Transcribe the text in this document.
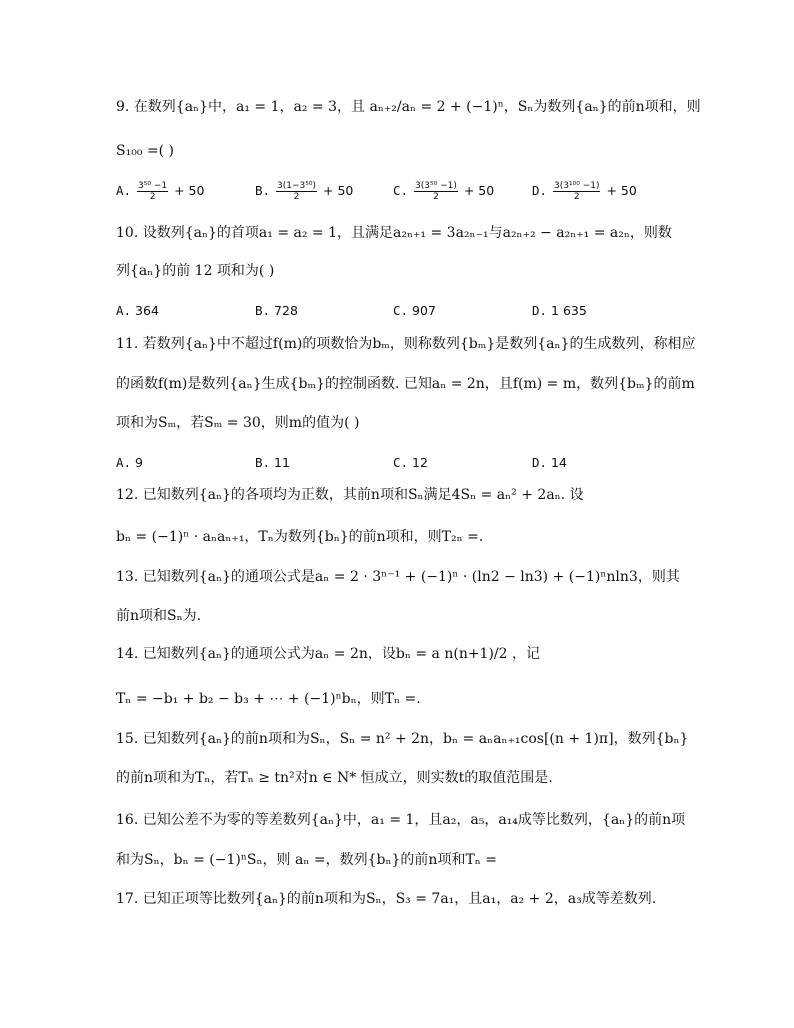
9. 在数列{aₙ}中，a₁ = 1，a₂ = 3，且 aₙ₊₂/aₙ = 2 + (−1)ⁿ，Sₙ为数列{aₙ}的前n项和，则
S₁₀₀ =( )
A. $\frac{\text{3⁵⁰ −1}}{2} + 50$	B. $\frac{\text{3(1−3⁵⁰)}}{2} + 50$	C. $\frac{\text{3(3⁵⁰ −1)}}{2} + 50$	D. $\frac{\text{3(3¹⁰⁰ −1)}}{2} + 50$
10. 设数列{aₙ}的首项a₁ = a₂ = 1，且满足a₂ₙ₊₁ = 3a₂ₙ₋₁与a₂ₙ₊₂ − a₂ₙ₊₁ = a₂ₙ，则数
列{aₙ}的前 12 项和为( )
A. 364	B. 728	C. 907	D. 1 635
11. 若数列{aₙ}中不超过f(m)的项数恰为bₘ，则称数列{bₘ}是数列{aₙ}的生成数列，称相应
的函数f(m)是数列{aₙ}生成{bₘ}的控制函数. 已知aₙ = 2n，且f(m) = m，数列{bₘ}的前m
项和为Sₘ，若Sₘ = 30，则m的值为( )
A. 9	B. 11	C. 12	D. 14
12. 已知数列{aₙ}的各项均为正数，其前n项和Sₙ满足4Sₙ = aₙ² + 2aₙ. 设
bₙ = (−1)ⁿ · aₙaₙ₊₁，Tₙ为数列{bₙ}的前n项和，则T₂ₙ =.
13. 已知数列{aₙ}的通项公式是aₙ = 2 · 3ⁿ⁻¹ + (−1)ⁿ · (ln2 − ln3) + (−1)ⁿnln3，则其
前n项和Sₙ为.
14. 已知数列{aₙ}的通项公式为aₙ = 2n，设bₙ = a n(n+1)/2 ，记
Tₙ = −b₁ + b₂ − b₃ + ⋯ + (−1)ⁿbₙ，则Tₙ =.
15. 已知数列{aₙ}的前n项和为Sₙ，Sₙ = n² + 2n，bₙ = aₙaₙ₊₁cos[(n + 1)π]，数列{bₙ}
的前n项和为Tₙ，若Tₙ ≥ tn²对n ∈ N* 恒成立，则实数t的取值范围是.
16. 已知公差不为零的等差数列{aₙ}中，a₁ = 1，且a₂，a₅，a₁₄成等比数列，{aₙ}的前n项
和为Sₙ，bₙ = (−1)ⁿSₙ，则 aₙ =，数列{bₙ}的前n项和Tₙ =
17. 已知正项等比数列{aₙ}的前n项和为Sₙ，S₃ = 7a₁，且a₁，a₂ + 2，a₃成等差数列.
